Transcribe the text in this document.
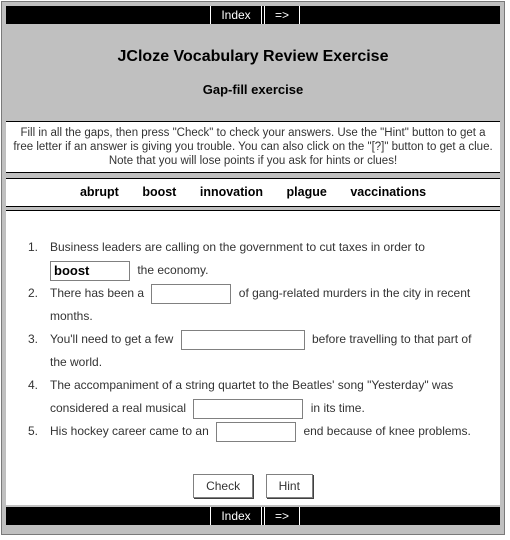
Index	=>
JCloze Vocabulary Review Exercise
Gap-fill exercise
Fill in all the gaps, then press "Check" to check your answers. Use the "Hint" button to get a free letter if an answer is giving you trouble. You can also click on the "[?]" button to get a clue. Note that you will lose points if you ask for hints or clues!
abrupt boost innovation plague vaccinations
1. Business leaders are calling on the government to cut taxes in order to
boost the economy.
2. There has been a	of gang-related murders in the city in recent months.
3. You'll need to get a few	before travelling to that part of the world.
4. The accompaniment of a string quartet to the Beatles' song "Yesterday" was considered a real musical	in its time.
5. His hockey career came to an	end because of knee problems.
Check	Hint
Index	=>
